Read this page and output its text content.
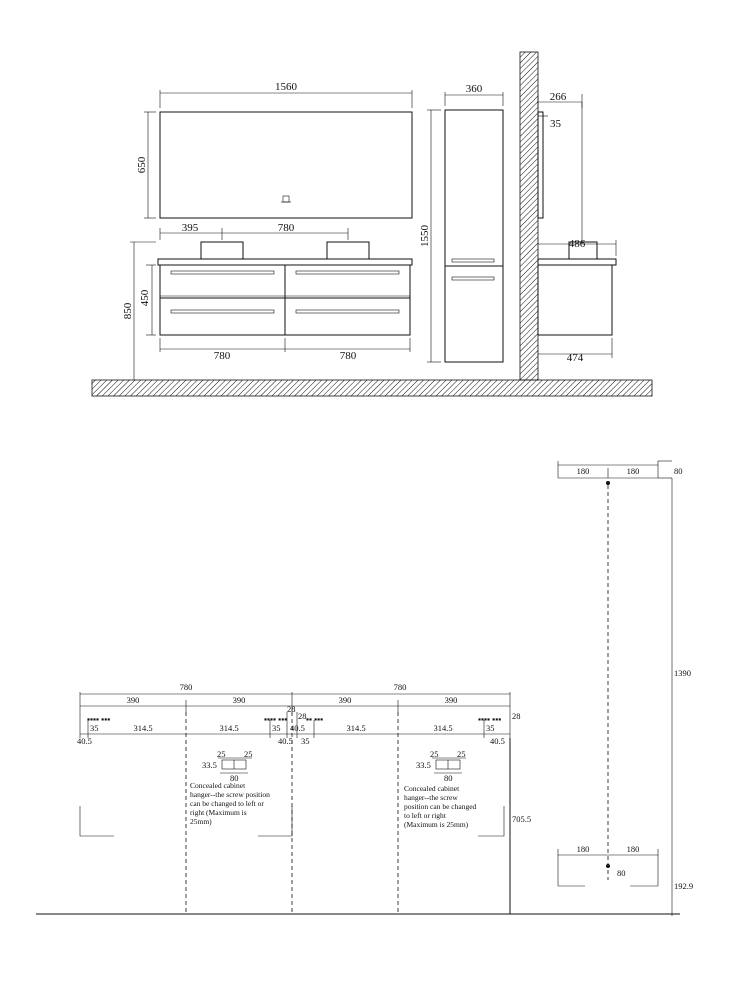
1560
650
395	780
780	780
850
450
360
1550
266
35
486
474
180	180	80
1390
180	180
80
192.9
780	780
390	390	390	390
▪▪▪▪ ▪▪▪
40.5
35	314.5
▪▪▪▪ ▪▪▪ ▪▪ ▪▪▪
314.5	35
28
28
40.5
40.5
35
314.5
▪▪▪▪ ▪▪▪
314.5	35
40.5
28
705.5
25 25
33.5
80
25 25
33.5
80
Concealed cabinet
hanger--the screw position
can be changed to left or
right (Maximum is
25mm)
Concealed cabinet
hanger--the screw
position can be changed
to left or right
(Maximum is 25mm)
